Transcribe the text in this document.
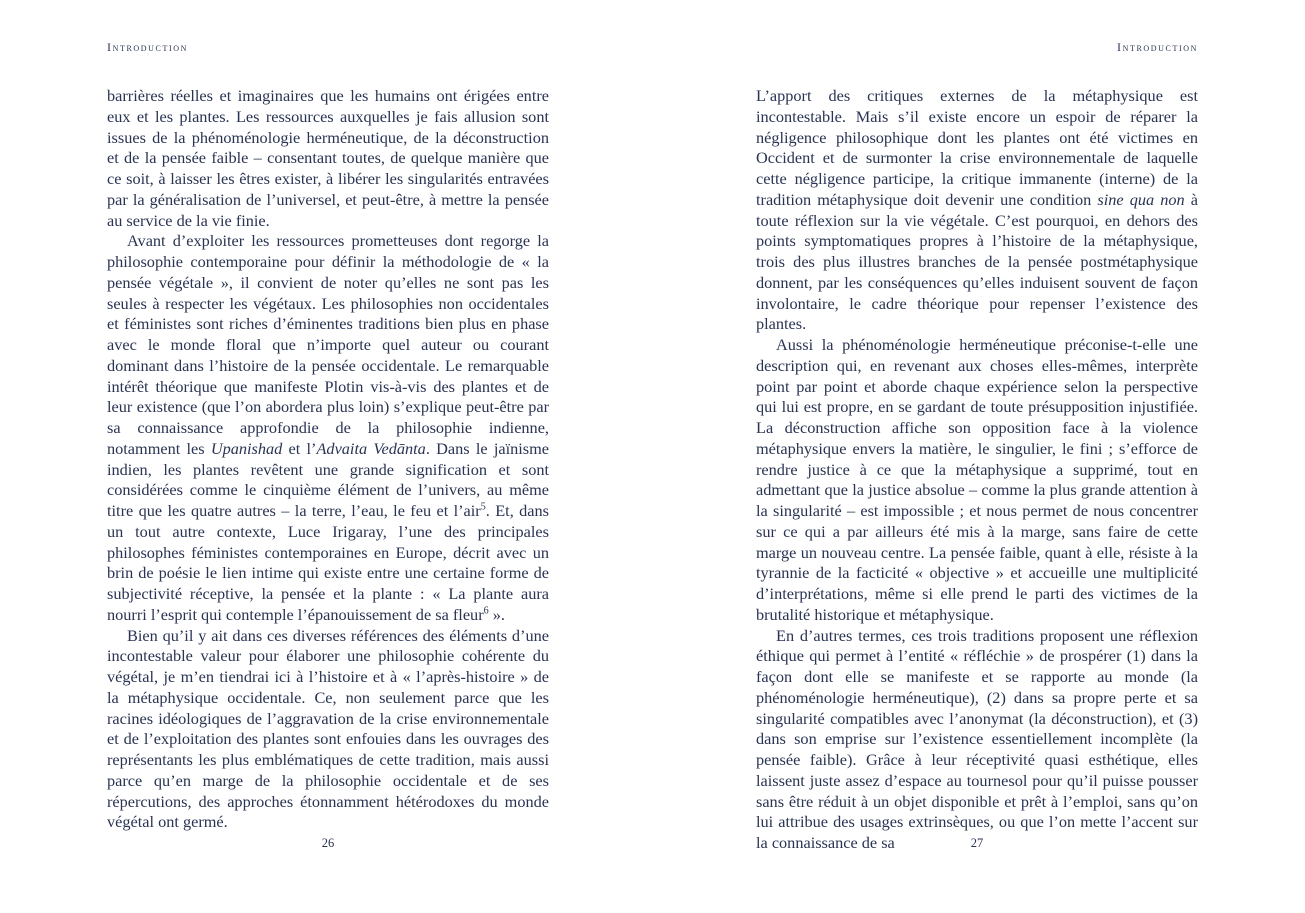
Introduction

barrières réelles et imaginaires que les humains ont érigées entre eux et les plantes. Les ressources auxquelles je fais allusion sont issues de la phénoménologie herméneutique, de la déconstruction et de la pensée faible – consentant toutes, de quelque manière que ce soit, à laisser les êtres exister, à libérer les singularités entravées par la généralisation de l’universel, et peut-être, à mettre la pensée au service de la vie finie.

Avant d’exploiter les ressources prometteuses dont regorge la philosophie contemporaine pour définir la méthodologie de « la pensée végétale », il convient de noter qu’elles ne sont pas les seules à respecter les végétaux. Les philosophies non occidentales et féministes sont riches d’éminentes traditions bien plus en phase avec le monde floral que n’importe quel auteur ou courant dominant dans l’histoire de la pensée occidentale. Le remarquable intérêt théorique que manifeste Plotin vis-à-vis des plantes et de leur existence (que l’on abordera plus loin) s’explique peut-être par sa connaissance approfondie de la philosophie indienne, notamment les Upanishad et l’Advaita Vedānta. Dans le jaïnisme indien, les plantes revêtent une grande signification et sont considérées comme le cinquième élément de l’univers, au même titre que les quatre autres – la terre, l’eau, le feu et l’air$^5$. Et, dans un tout autre contexte, Luce Irigaray, l’une des principales philosophes féministes contemporaines en Europe, décrit avec un brin de poésie le lien intime qui existe entre une certaine forme de subjectivité réceptive, la pensée et la plante : « La plante aura nourri l’esprit qui contemple l’épanouissement de sa fleur$^6$ ».

Bien qu’il y ait dans ces diverses références des éléments d’une incontestable valeur pour élaborer une philosophie cohérente du végétal, je m’en tiendrai ici à l’histoire et à « l’après-histoire » de la métaphysique occidentale. Ce, non seulement parce que les racines idéologiques de l’aggravation de la crise environnementale et de l’exploitation des plantes sont enfouies dans les ouvrages des représentants les plus emblématiques de cette tradition, mais aussi parce qu’en marge de la philosophie occidentale et de ses répercutions, des approches étonnamment hétérodoxes du monde végétal ont germé.

26
Introduction

L’apport des critiques externes de la métaphysique est incontestable. Mais s’il existe encore un espoir de réparer la négligence philosophique dont les plantes ont été victimes en Occident et de surmonter la crise environnementale de laquelle cette négligence participe, la critique immanente (interne) de la tradition métaphysique doit devenir une condition sine qua non à toute réflexion sur la vie végétale. C’est pourquoi, en dehors des points symptomatiques propres à l’histoire de la métaphysique, trois des plus illustres branches de la pensée postmétaphysique donnent, par les conséquences qu’elles induisent souvent de façon involontaire, le cadre théorique pour repenser l’existence des plantes.

Aussi la phénoménologie herméneutique préconise-t-elle une description qui, en revenant aux choses elles-mêmes, interprète point par point et aborde chaque expérience selon la perspective qui lui est propre, en se gardant de toute présupposition injustifiée. La déconstruction affiche son opposition face à la violence métaphysique envers la matière, le singulier, le fini ; s’efforce de rendre justice à ce que la métaphysique a supprimé, tout en admettant que la justice absolue – comme la plus grande attention à la singularité – est impossible ; et nous permet de nous concentrer sur ce qui a par ailleurs été mis à la marge, sans faire de cette marge un nouveau centre. La pensée faible, quant à elle, résiste à la tyrannie de la facticité « objective » et accueille une multiplicité d’interprétations, même si elle prend le parti des victimes de la brutalité historique et métaphysique.

En d’autres termes, ces trois traditions proposent une réflexion éthique qui permet à l’entité « réfléchie » de prospérer (1) dans la façon dont elle se manifeste et se rapporte au monde (la phénoménologie herméneutique), (2) dans sa propre perte et sa singularité compatibles avec l’anonymat (la déconstruction), et (3) dans son emprise sur l’existence essentiellement incomplète (la pensée faible). Grâce à leur réceptivité quasi esthétique, elles laissent juste assez d’espace au tournesol pour qu’il puisse pousser sans être réduit à un objet disponible et prêt à l’emploi, sans qu’on lui attribue des usages extrinsèques, ou que l’on mette l’accent sur la connaissance de sa	27
